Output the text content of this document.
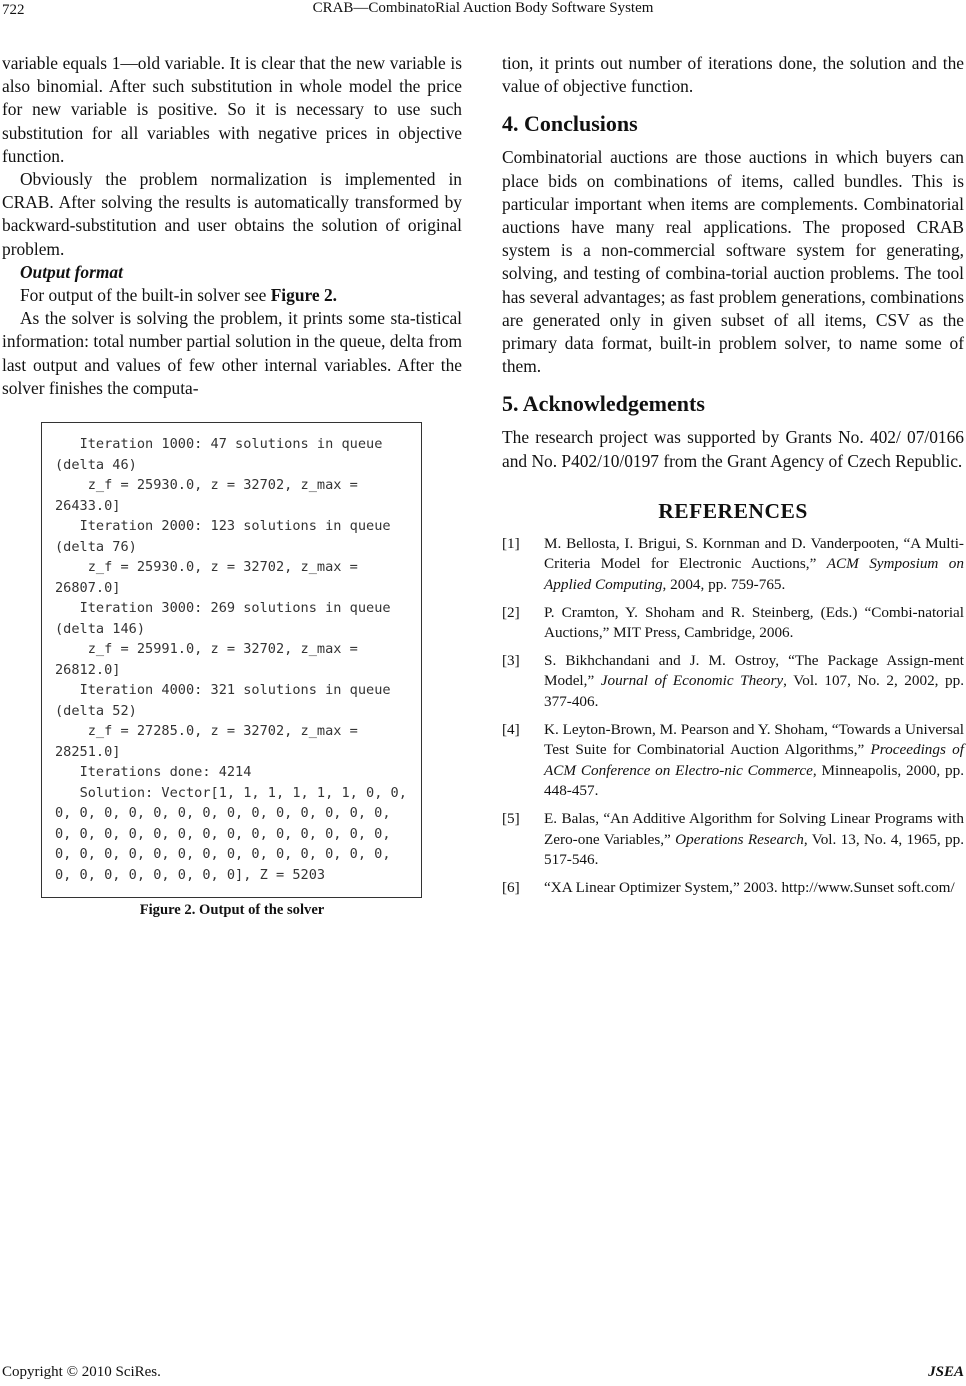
722	CRAB—CombinatoRial Auction Body Software System

variable equals 1—old variable. It is clear that the new variable is also binomial. After such substitution in whole model the price for new variable is positive. So it is necessary to use such substitution for all variables with negative prices in objective function.

Obviously the problem normalization is implemented in CRAB. After solving the results is automatically transformed by backward-substitution and user obtains the solution of original problem.

Output format

For output of the built-in solver see Figure 2.

As the solver is solving the problem, it prints some sta-tistical information: total number partial solution in the queue, delta from last output and values of few other internal variables. After the solver finishes the computa-

Iteration 1000: 47 solutions in queue (delta 46)
z_f = 25930.0, z = 32702, z_max = 26433.0]
Iteration 2000: 123 solutions in queue (delta 76)
z_f = 25930.0, z = 32702, z_max = 26807.0]
Iteration 3000: 269 solutions in queue (delta 146)
z_f = 25991.0, z = 32702, z_max = 26812.0]
Iteration 4000: 321 solutions in queue (delta 52)
z_f = 27285.0, z = 32702, z_max = 28251.0]
Iterations done: 4214
Solution: Vector[1, 1, 1, 1, 1, 1, 0, 0, 0, 0, 0, 0, 0, 0, 0, 0, 0, 0, 0, 0, 0, 0, 0, 0, 0, 0, 0, 0, 0, 0, 0, 0, 0, 0, 0, 0, 0, 0, 0, 0, 0, 0, 0, 0, 0, 0, 0, 0, 0, 0, 0, 0, 0, 0, 0, 0, 0, 0], Z = 5203
Figure 2. Output of the solver

tion, it prints out number of iterations done, the solution and the value of objective function.

4. Conclusions

Combinatorial auctions are those auctions in which buyers can place bids on combinations of items, called bundles. This is particular important when items are complements. Combinatorial auctions have many real applications. The proposed CRAB system is a non-commercial software system for generating, solving, and testing of combina-torial auction problems. The tool has several advantages; as fast problem generations, combinations are generated only in given subset of all items, CSV as the primary data format, built-in problem solver, to name some of them.

5. Acknowledgements

The research project was supported by Grants No. 402/ 07/0166 and No. P402/10/0197 from the Grant Agency of Czech Republic.

REFERENCES
[1]	M. Bellosta, I. Brigui, S. Kornman and D. Vanderpooten, “A Multi-Criteria Model for Electronic Auctions,” ACM Symposium on Applied Computing, 2004, pp. 759-765.
[2]	P. Cramton, Y. Shoham and R. Steinberg, (Eds.) “Combi-natorial Auctions,” MIT Press, Cambridge, 2006.
[3]	S. Bikhchandani and J. M. Ostroy, “The Package Assign-ment Model,” Journal of Economic Theory, Vol. 107, No. 2, 2002, pp. 377-406.
[4]	K. Leyton-Brown, M. Pearson and Y. Shoham, “Towards a Universal Test Suite for Combinatorial Auction Algorithms,” Proceedings of ACM Conference on Electro-nic Commerce, Minneapolis, 2000, pp. 448-457.
[5]	E. Balas, “An Additive Algorithm for Solving Linear Programs with Zero-one Variables,” Operations Research, Vol. 13, No. 4, 1965, pp. 517-546.
[6]	“XA Linear Optimizer System,” 2003. http://www.Sunset soft.com/
Copyright © 2010 SciRes.	JSEA
